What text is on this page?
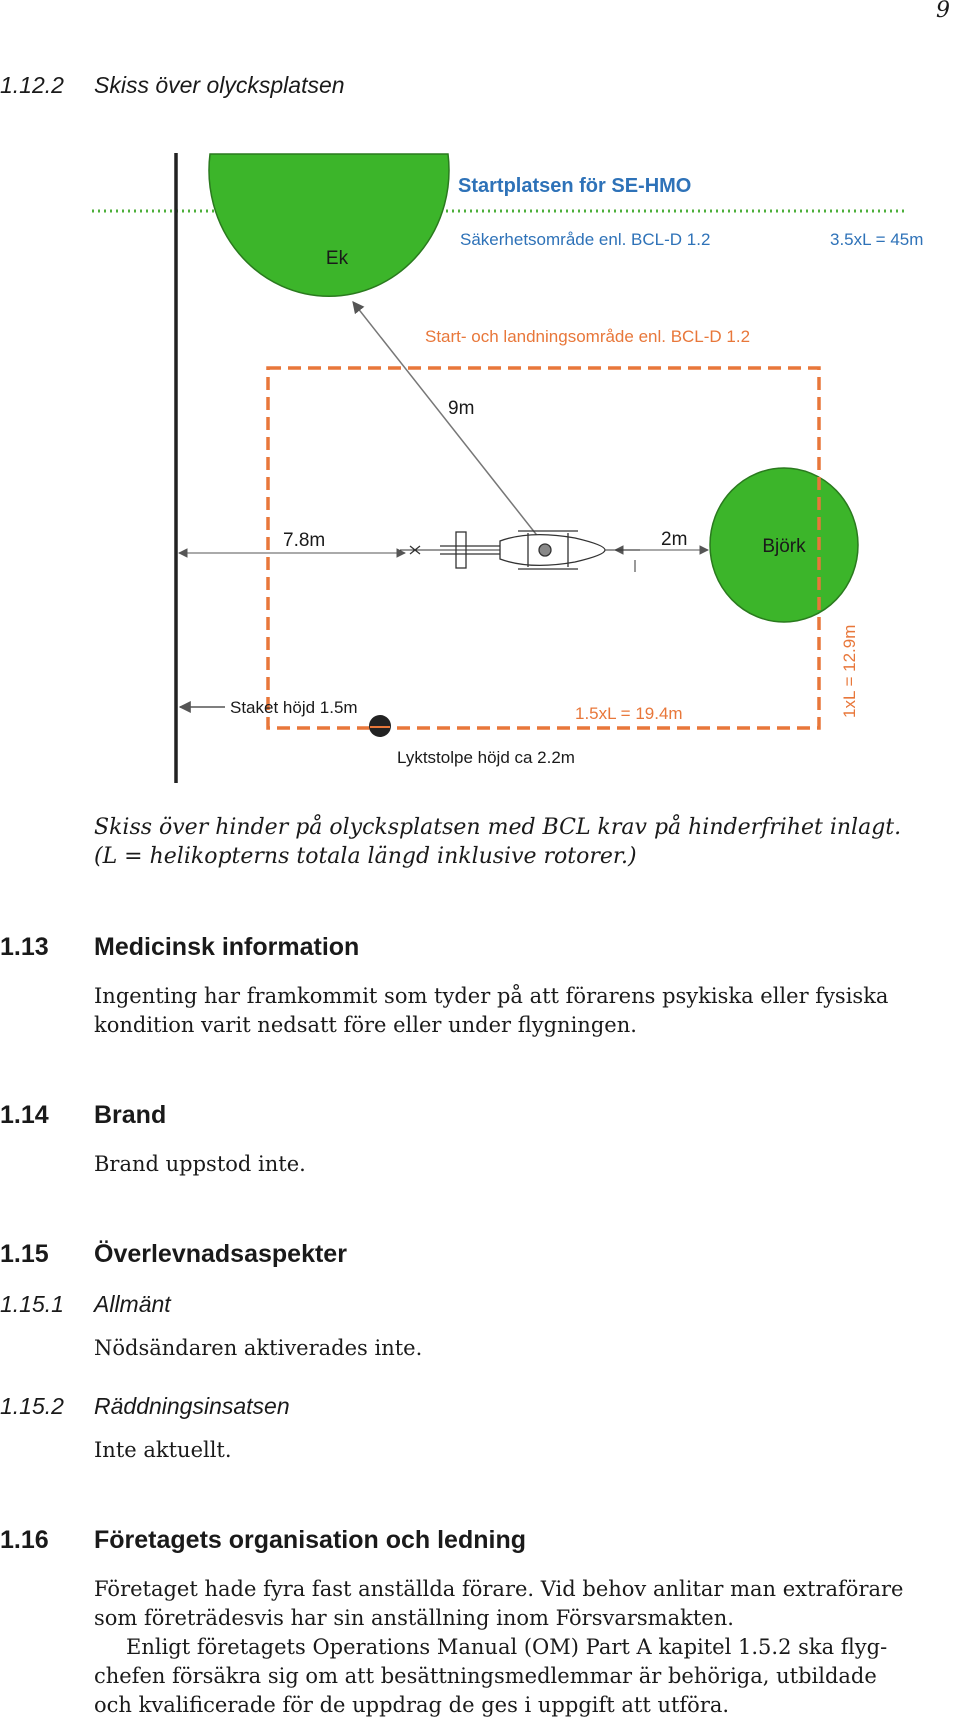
9
1.12.2 Skiss över olycksplatsen
Ek
Björk
Startplatsen för SE-HMO
Säkerhetsområde enl. BCL-D 1.2	3.5xL = 45m
Start- och landningsområde enl. BCL-D 1.2
1.5xL = 19.4m	1xL = 12.9m
9m
7.8m	2m
Staket höjd 1.5m
Lyktstolpe höjd ca 2.2m
Skiss över hinder på olycksplatsen med BCL krav på hinderfrihet inlagt.
(L = helikopterns totala längd inklusive rotorer.)
1.13 Medicinsk information
Ingenting har framkommit som tyder på att förarens psykiska eller fysiska
kondition varit nedsatt före eller under flygningen.
1.14 Brand
Brand uppstod inte.
1.15 Överlevnadsaspekter
1.15.1 Allmänt
Nödsändaren aktiverades inte.
1.15.2 Räddningsinsatsen
Inte aktuellt.
1.16 Företagets organisation och ledning
Företaget hade fyra fast anställda förare. Vid behov anlitar man extraförare
som företrädesvis har sin anställning inom Försvarsmakten.
Enligt företagets Operations Manual (OM) Part A kapitel 1.5.2 ska flyg-
chefen försäkra sig om att besättningsmedlemmar är behöriga, utbildade
och kvalificerade för de uppdrag de ges i uppgift att utföra.
